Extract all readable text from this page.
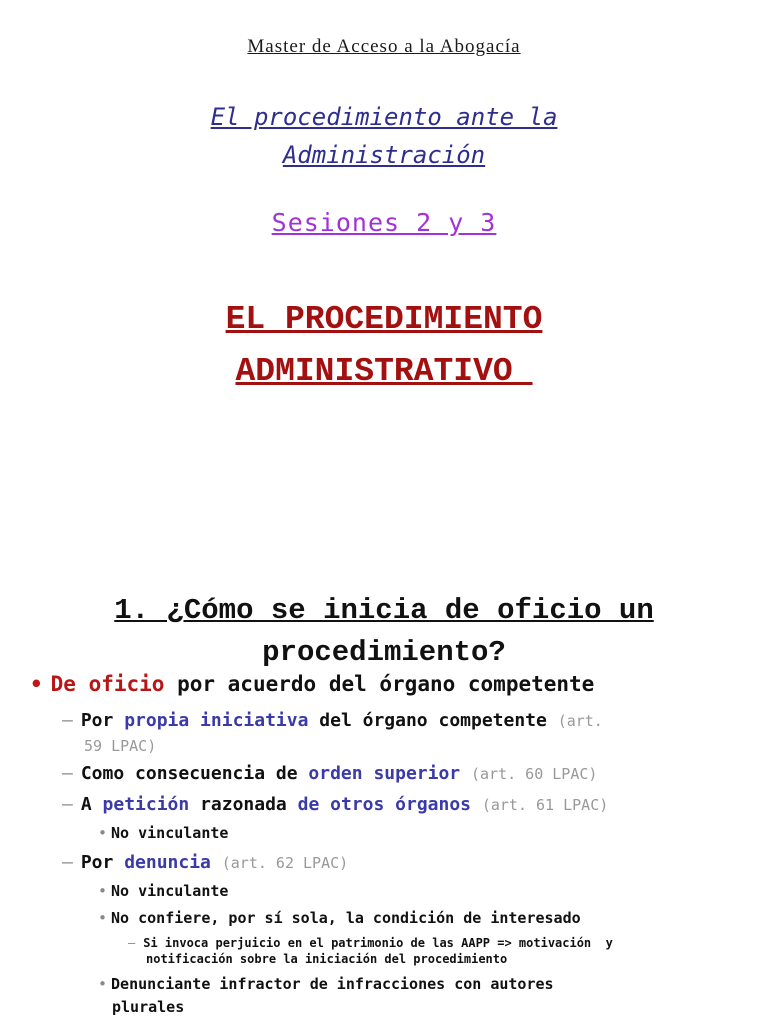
Master de Acceso a la Abogacía
El procedimiento ante la
Administración
Sesiones 2 y 3
EL PROCEDIMIENTO
ADMINISTRATIVO
1. ¿Cómo se inicia de oficio un
procedimiento?
• De oficio por acuerdo del órgano competente
– Por propia iniciativa del órgano competente (art.
59 LPAC)
– Como consecuencia de orden superior (art. 60 LPAC)
– A petición razonada de otros órganos (art. 61 LPAC)
• No vinculante
– Por denuncia (art. 62 LPAC)
• No vinculante
• No confiere, por sí sola, la condición de interesado
– Si invoca perjuicio en el patrimonio de las AAPP => motivación  y
notificación sobre la iniciación del procedimiento
• Denunciante infractor de infracciones con autores
plurales
